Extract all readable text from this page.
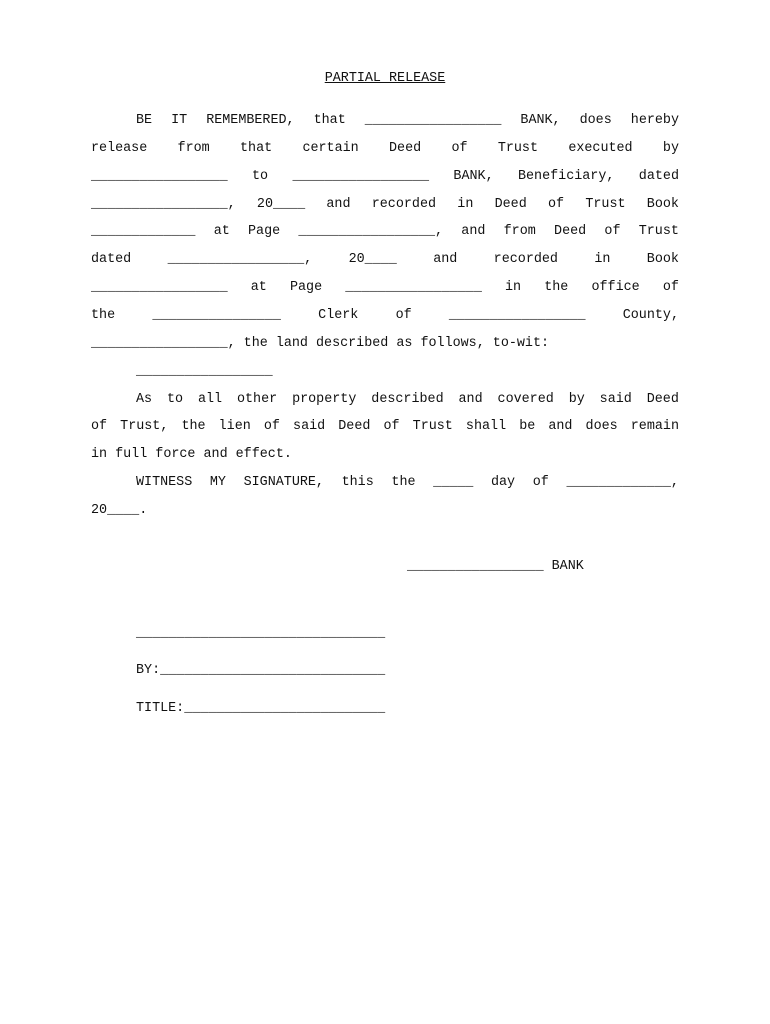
PARTIAL RELEASE
BE IT REMEMBERED, that _________________ BANK, does hereby
release from that certain Deed of Trust executed by
_________________ to _________________ BANK, Beneficiary, dated
_________________, 20____ and recorded in Deed of Trust Book
_____________ at Page _________________, and from Deed of Trust
dated	_________________,	20____	and	recorded	in	Book
_________________ at Page _________________ in the office of
the	________________	Clerk	of	_________________	County,
_________________, the land described as follows, to-wit:
_________________
As to all other property described and covered by said Deed
of Trust, the lien of said Deed of Trust shall be and does remain
in full force and effect.
WITNESS MY SIGNATURE, this the _____ day of _____________,
20____.
_________________ BANK
_______________________________
BY:____________________________
TITLE:_________________________
